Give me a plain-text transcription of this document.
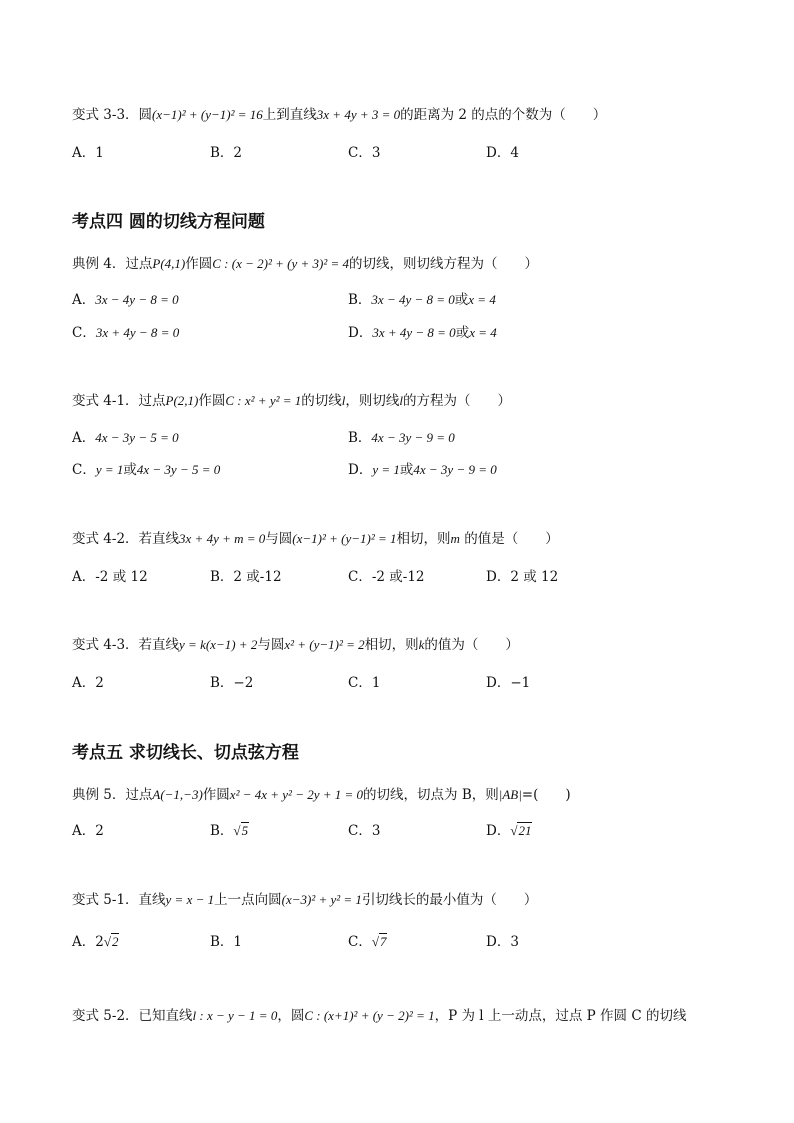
变式 3-3．圆(x−1)² + (y−1)² = 16上到直线3x + 4y + 3 = 0的距离为 2 的点的个数为（　　）
A．1	B．2	C．3	D．4
考点四 圆的切线方程问题
典例 4．过点P(4,1)作圆C : (x − 2)² + (y + 3)² = 4的切线，则切线方程为（　　）
A．3x − 4y − 8 = 0	B．3x − 4y − 8 = 0或x = 4
C．3x + 4y − 8 = 0	D．3x + 4y − 8 = 0或x = 4
变式 4-1．过点P(2,1)作圆C : x² + y² = 1的切线l，则切线l的方程为（　　）
A．4x − 3y − 5 = 0	B．4x − 3y − 9 = 0
C．y = 1或4x − 3y − 5 = 0	D．y = 1或4x − 3y − 9 = 0
变式 4-2．若直线3x + 4y + m = 0与圆(x−1)² + (y−1)² = 1相切，则m 的值是（　　）
A．-2 或 12	B．2 或-12	C．-2 或-12	D．2 或 12
变式 4-3．若直线y = k(x−1) + 2与圆x² + (y−1)² = 2相切，则k的值为（　　）
A．2	B．−2	C．1	D．−1
考点五 求切线长、切点弦方程
典例 5．过点A(−1,−3)作圆x² − 4x + y² − 2y + 1 = 0的切线，切点为 B，则|AB|=(　　)
A．2	B．√5	C．3	D．√21
变式 5-1．直线y = x − 1上一点向圆(x−3)² + y² = 1引切线长的最小值为（　　）
A．2√2	B．1	C．√7	D．3
变式 5-2．已知直线l : x − y − 1 = 0，圆C : (x+1)² + (y − 2)² = 1，P 为 l 上一动点，过点 P 作圆 C 的切线
